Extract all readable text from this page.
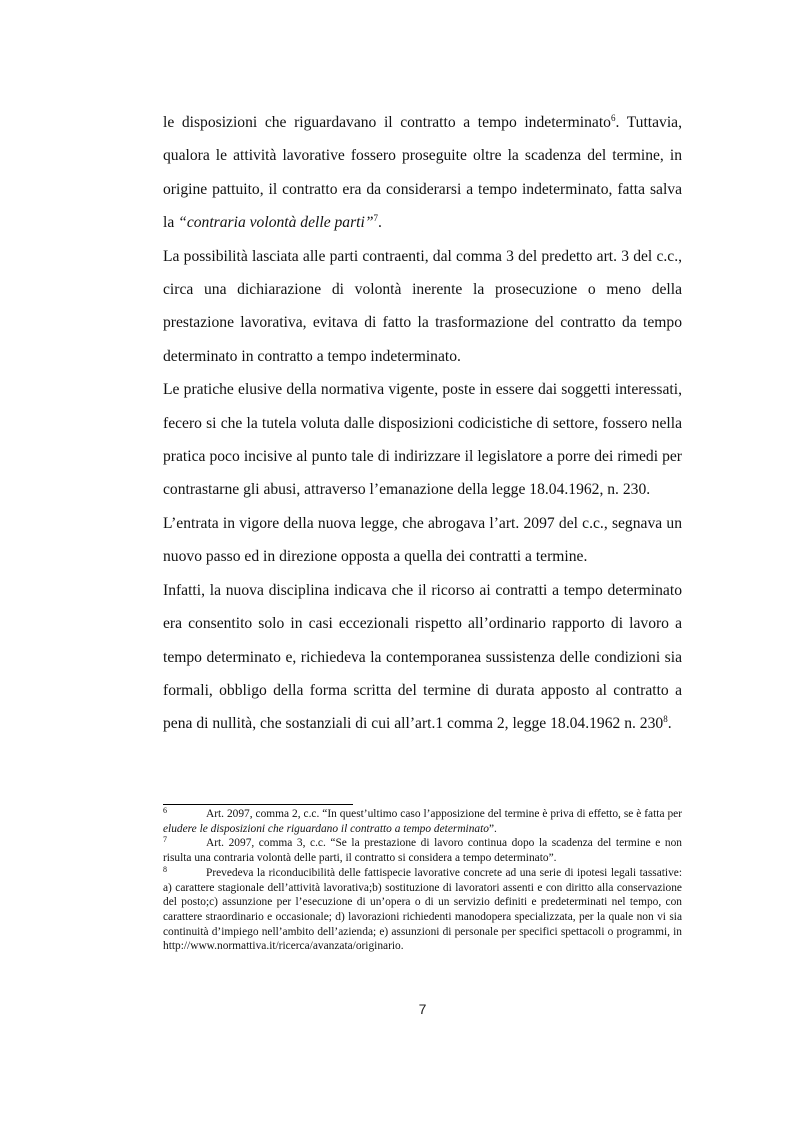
le disposizioni che riguardavano il contratto a tempo indeterminato$^6$. Tuttavia, qualora le attività lavorative fossero proseguite oltre la scadenza del termine, in origine pattuito, il contratto era da considerarsi a tempo indeterminato, fatta salva la “contraria volontà delle parti”$^7$.

La possibilità lasciata alle parti contraenti, dal comma 3 del predetto art. 3 del c.c., circa una dichiarazione di volontà inerente la prosecuzione o meno della prestazione lavorativa, evitava di fatto la trasformazione del contratto da tempo determinato in contratto a tempo indeterminato.

Le pratiche elusive della normativa vigente, poste in essere dai soggetti interessati, fecero si che la tutela voluta dalle disposizioni codicistiche di settore, fossero nella pratica poco incisive al punto tale di indirizzare il legislatore a porre dei rimedi per contrastarne gli abusi, attraverso l’emanazione della legge 18.04.1962, n. 230.

L’entrata in vigore della nuova legge, che abrogava l’art. 2097 del c.c., segnava un nuovo passo ed in direzione opposta a quella dei contratti a termine.

Infatti, la nuova disciplina indicava che il ricorso ai contratti a tempo determinato era consentito solo in casi eccezionali rispetto all’ordinario rapporto di lavoro a tempo determinato e, richiedeva la contemporanea sussistenza delle condizioni sia formali, obbligo della forma scritta del termine di durata apposto al contratto a pena di nullità, che sostanziali di cui all’art.1 comma 2, legge 18.04.1962 n. $230^8$.

$^6$	Art. 2097, comma 2, c.c. “In quest’ultimo caso l’apposizione del termine è priva di effetto, se è fatta per eludere le disposizioni che riguardano il contratto a tempo determinato”.

$^7$	Art. 2097, comma 3, c.c. “Se la prestazione di lavoro continua dopo la scadenza del termine e non risulta una contraria volontà delle parti, il contratto si considera a tempo determinato”.

$^8$	Prevedeva la riconducibilità delle fattispecie lavorative concrete ad una serie di ipotesi legali tassative: a) carattere stagionale dell’attività lavorativa;b) sostituzione di lavoratori assenti e con diritto alla conservazione del posto;c) assunzione per l’esecuzione di un’opera o di un servizio definiti e predeterminati nel tempo, con carattere straordinario e occasionale; d) lavorazioni richiedenti manodopera specializzata, per la quale non vi sia continuità d’impiego nell’ambito dell’azienda; e) assunzioni di personale per specifici spettacoli o programmi, in http://www.normattiva.it/ricerca/avanzata/originario.

7
